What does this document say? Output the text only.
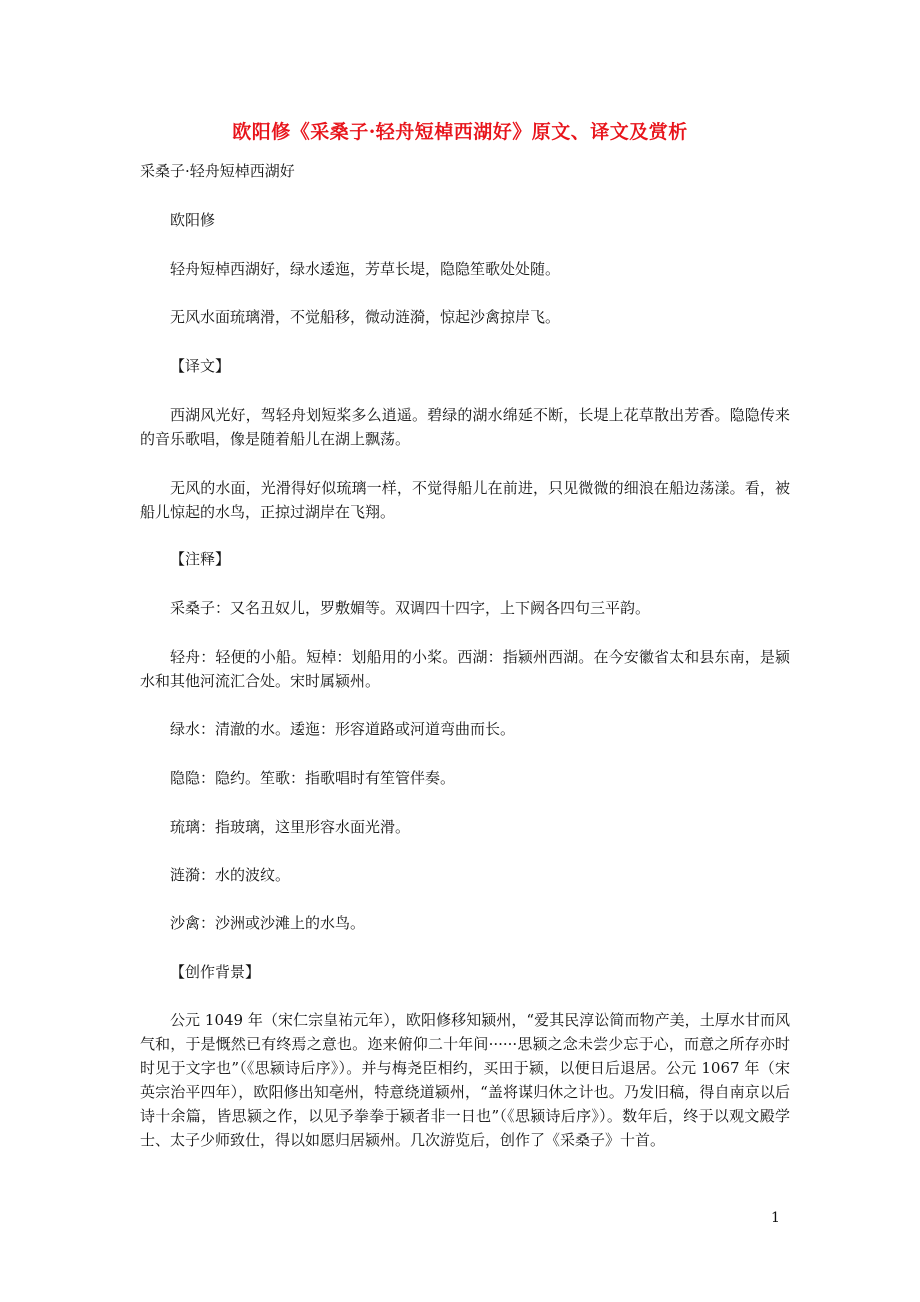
欧阳修《采桑子·轻舟短棹西湖好》原文、译文及赏析
采桑子·轻舟短棹西湖好
欧阳修
轻舟短棹西湖好，绿水逶迤，芳草长堤，隐隐笙歌处处随。
无风水面琉璃滑，不觉船移，微动涟漪，惊起沙禽掠岸飞。
【译文】
西湖风光好，驾轻舟划短桨多么逍遥。碧绿的湖水绵延不断，长堤上花草散出芳香。隐隐传来的音乐歌唱，像是随着船儿在湖上飘荡。
无风的水面，光滑得好似琉璃一样，不觉得船儿在前进，只见微微的细浪在船边荡漾。看，被船儿惊起的水鸟，正掠过湖岸在飞翔。
【注释】
采桑子：又名丑奴儿，罗敷媚等。双调四十四字，上下阙各四句三平韵。
轻舟：轻便的小船。短棹：划船用的小桨。西湖：指颍州西湖。在今安徽省太和县东南，是颍水和其他河流汇合处。宋时属颍州。
绿水：清澈的水。逶迤：形容道路或河道弯曲而长。
隐隐：隐约。笙歌：指歌唱时有笙管伴奏。
琉璃：指玻璃，这里形容水面光滑。
涟漪：水的波纹。
沙禽：沙洲或沙滩上的水鸟。
【创作背景】
公元 1049 年（宋仁宗皇祐元年），欧阳修移知颍州，“爱其民淳讼简而物产美，土厚水甘而风气和，于是慨然已有终焉之意也。迩来俯仰二十年间······思颍之念未尝少忘于心，而意之所存亦时时见于文字也”（《思颍诗后序》）。并与梅尧臣相约，买田于颍，以便日后退居。公元 1067 年（宋英宗治平四年），欧阳修出知亳州，特意绕道颍州，“盖将谋归休之计也。乃发旧稿，得自南京以后诗十余篇，皆思颍之作，以见予拳拳于颍者非一日也”（《思颍诗后序》）。数年后，终于以观文殿学士、太子少师致仕，得以如愿归居颍州。几次游览后，创作了《采桑子》十首。
1
